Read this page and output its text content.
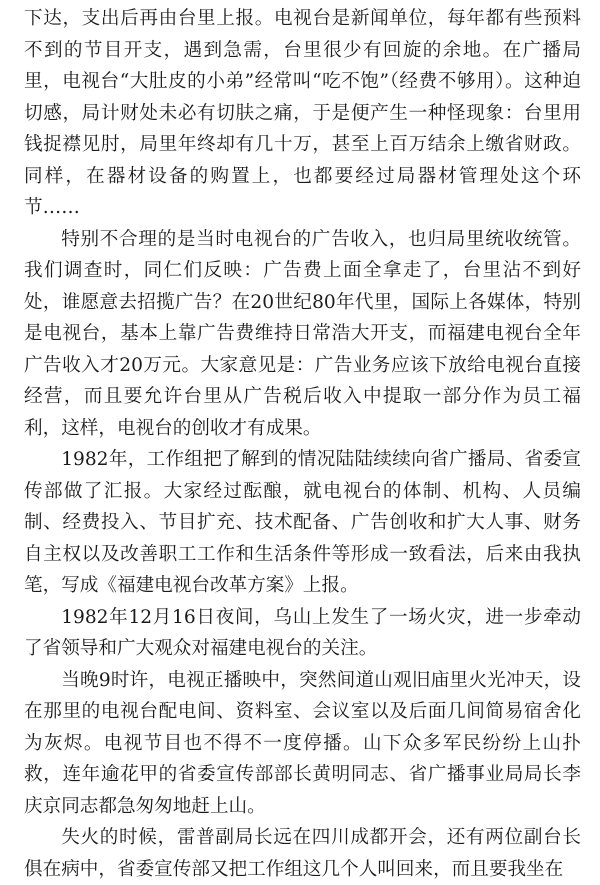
下达，支出后再由台里上报。电视台是新闻单位，每年都有些预料不到的节目开支，遇到急需，台里很少有回旋的余地。在广播局里，电视台“大肚皮的小弟”经常叫“吃不饱”（经费不够用）。这种迫切感，局计财处未必有切肤之痛，于是便产生一种怪现象：台里用钱捉襟见肘，局里年终却有几十万，甚至上百万结余上缴省财政。同样，在器材设备的购置上，也都要经过局器材管理处这个环节……

特别不合理的是当时电视台的广告收入，也归局里统收统管。我们调查时，同仁们反映：广告费上面全拿走了，台里沾不到好处，谁愿意去招揽广告？在20世纪80年代里，国际上各媒体，特别是电视台，基本上靠广告费维持日常浩大开支，而福建电视台全年广告收入才20万元。大家意见是：广告业务应该下放给电视台直接经营，而且要允许台里从广告税后收入中提取一部分作为员工福利，这样，电视台的创收才有成果。

1982年，工作组把了解到的情况陆陆续续向省广播局、省委宣传部做了汇报。大家经过酝酿，就电视台的体制、机构、人员编制、经费投入、节目扩充、技术配备、广告创收和扩大人事、财务自主权以及改善职工工作和生活条件等形成一致看法，后来由我执笔，写成《福建电视台改革方案》上报。

1982年12月16日夜间，乌山上发生了一场火灾，进一步牵动了省领导和广大观众对福建电视台的关注。

当晚9时许，电视正播映中，突然间道山观旧庙里火光冲天，设在那里的电视台配电间、资料室、会议室以及后面几间简易宿舍化为灰烬。电视节目也不得不一度停播。山下众多军民纷纷上山扑救，连年逾花甲的省委宣传部部长黄明同志、省广播事业局局长李庆京同志都急匆匆地赶上山。

失火的时候，雷普副局长远在四川成都开会，还有两位副台长俱在病中，省委宣传部又把工作组这几个人叫回来，而且要我坐在
